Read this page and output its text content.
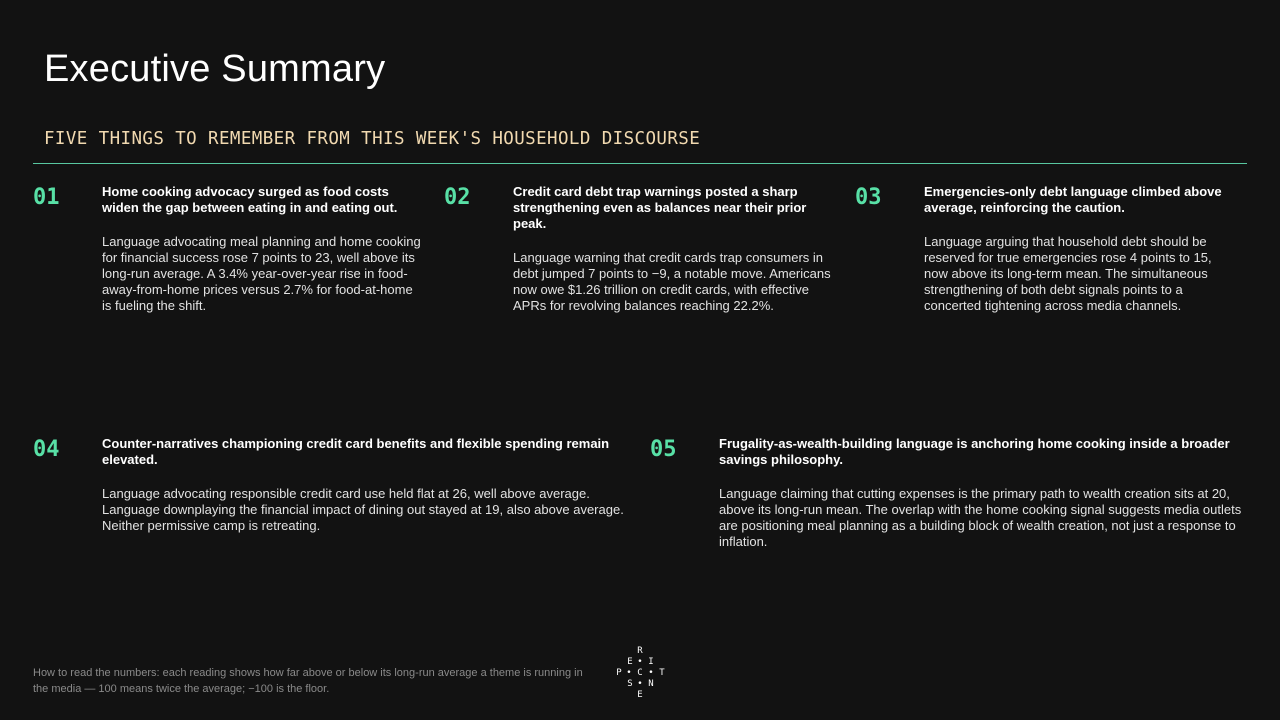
Executive Summary
FIVE THINGS TO REMEMBER FROM THIS WEEK'S HOUSEHOLD DISCOURSE
01	Home cooking advocacy surged as food costs widen the gap between eating in and eating out.
Language advocating meal planning and home cooking for financial success rose 7 points to 23, well above its long-run average. A 3.4% year-over-year rise in food-away-from-home prices versus 2.7% for food-at-home is fueling the shift.
02	Credit card debt trap warnings posted a sharp strengthening even as balances near their prior peak.
Language warning that credit cards trap consumers in debt jumped 7 points to −9, a notable move. Americans now owe $1.26 trillion on credit cards, with effective APRs for revolving balances reaching 22.2%.
03	Emergencies-only debt language climbed above average, reinforcing the caution.
Language arguing that household debt should be reserved for true emergencies rose 4 points to 15, now above its long-term mean. The simultaneous strengthening of both debt signals points to a concerted tightening across media channels.
04	Counter-narratives championing credit card benefits and flexible spending remain elevated.
Language advocating responsible credit card use held flat at 26, well above average. Language downplaying the financial impact of dining out stayed at 19, also above average. Neither permissive camp is retreating.
05	Frugality-as-wealth-building language is anchoring home cooking inside a broader savings philosophy.
Language claiming that cutting expenses is the primary path to wealth creation sits at 20, above its long-run mean. The overlap with the home cooking signal suggests media outlets are positioning meal planning as a building block of wealth creation, not just a response to inflation.
How to read the numbers: each reading shows how far above or below its long-run average a theme is running in the media — 100 means twice the average; −100 is the floor.
R
E • I
P • C • T
S • N
E
